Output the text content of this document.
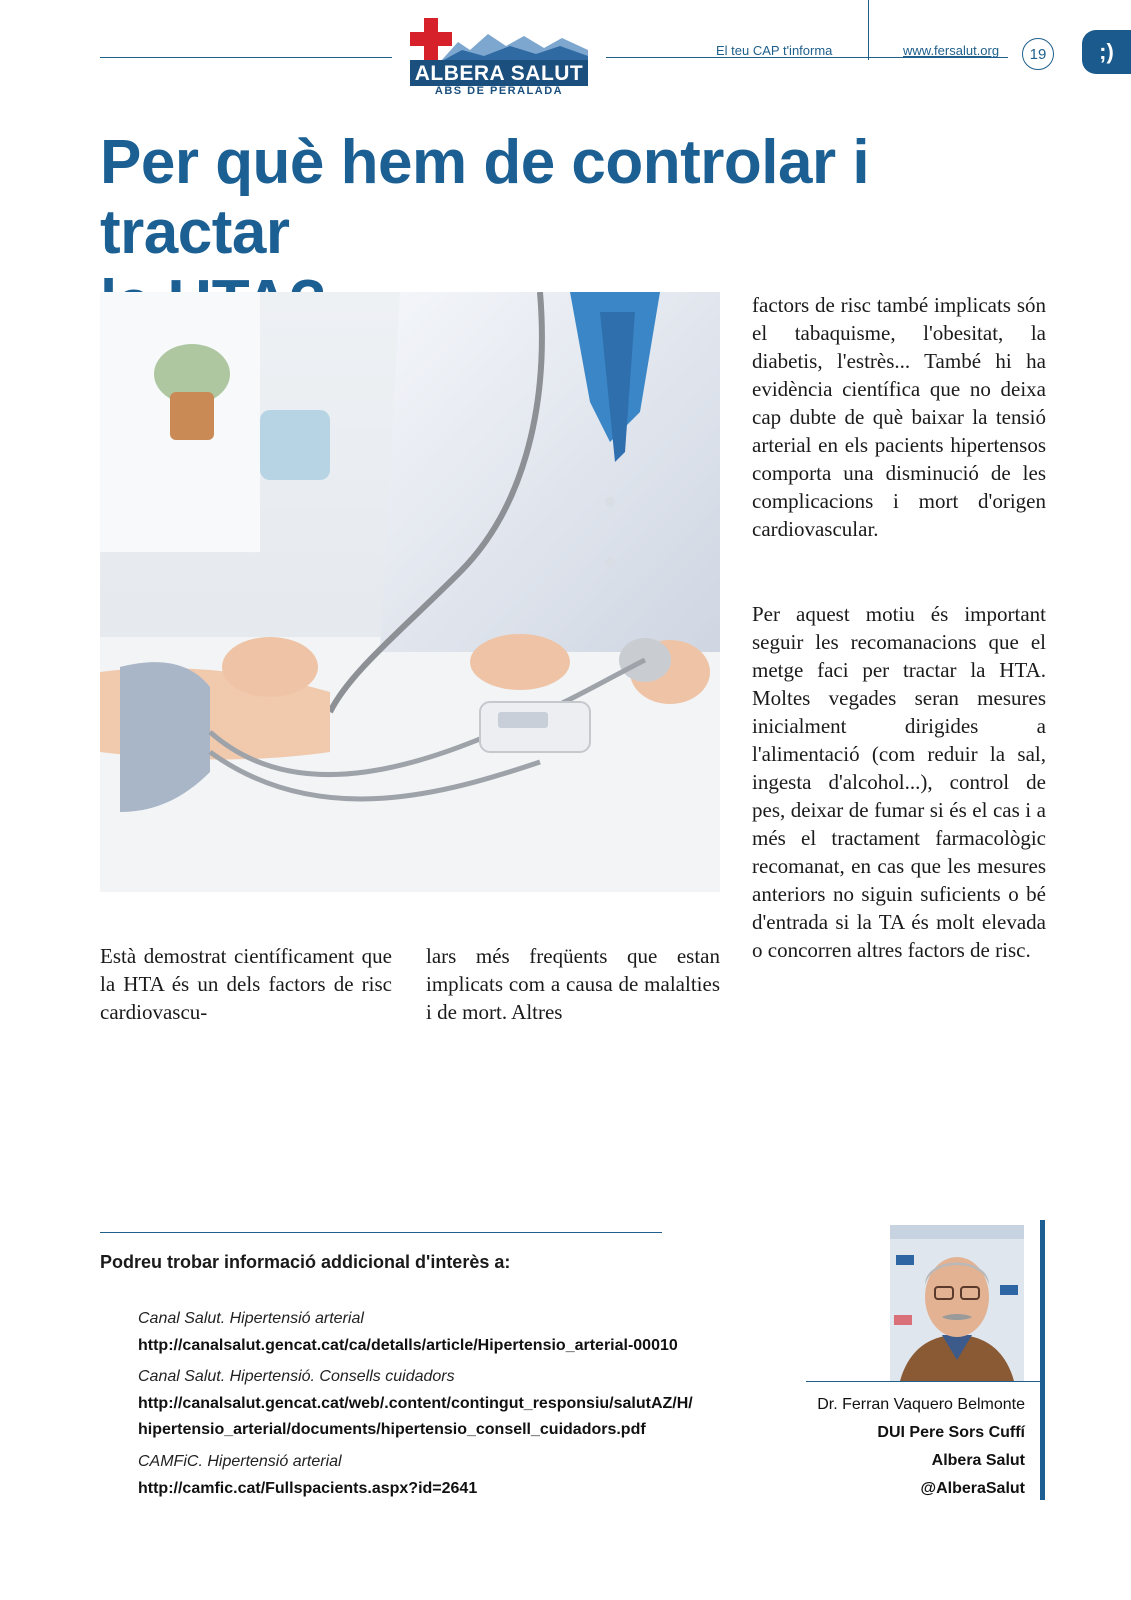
ALBERA SALUT
ABS DE PERALADA
El teu CAP t'informa	www.fersalut.org	19	;)
Per què hem de controlar i tractar

Està demostrat científicament que la HTA és un dels factors de risc cardiovascu-

lars més freqüents que estan implicats com a causa de malalties i de mort. Altres

factors de risc també implicats són el tabaquisme, l'obesitat, la diabetis, l'estrès... També hi ha evidència científica que no deixa cap dubte de què baixar la tensió arterial en els pacients hipertensos comporta una disminució de les complicacions i mort d'origen cardiovascular.

Per aquest motiu és important seguir les recomanacions que el metge faci per tractar la HTA. Moltes vegades seran mesures inicialment dirigides a l'alimentació (com reduir la sal, ingesta d'alcohol...), control de pes, deixar de fumar si és el cas i a més el tractament farmacològic recomanat, en cas que les mesures anteriors no siguin suficients o bé d'entrada si la TA és molt elevada o concorren altres factors de risc.

Podreu trobar informació addicional d'interès a:
Canal Salut. Hipertensió arterial
http://canalsalut.gencat.cat/ca/detalls/article/Hipertensio_arterial-00010
Canal Salut. Hipertensió. Consells cuidadors
http://canalsalut.gencat.cat/web/.content/contingut_responsiu/salutAZ/H/
hipertensio_arterial/documents/hipertensio_consell_cuidadors.pdf
CAMFiC. Hipertensió arterial
http://camfic.cat/Fullspacients.aspx?id=2641
Dr. Ferran Vaquero Belmonte
DUI Pere Sors Cuffí
Albera Salut
@AlberaSalut
